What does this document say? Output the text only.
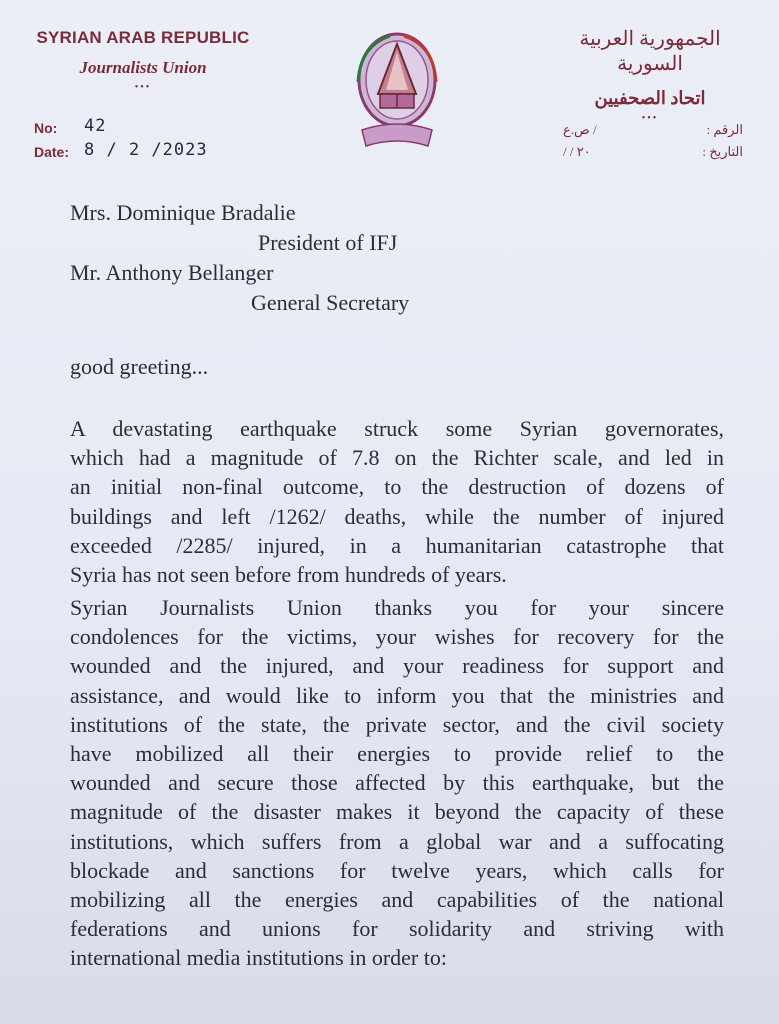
SYRIAN ARAB REPUBLIC
Journalists Union
•••
الجمهورية العربية السورية
اتحاد الصحفيين
•••
No:	42
Date: 8 / 2 /2023
الرقم :
/ ص.ع
التاريخ :
٢٠ / /
Mrs. Dominique Bradalie
President of IFJ
Mr. Anthony Bellanger
General Secretary
good greeting...
A devastating earthquake struck some Syrian governorates,
which had a magnitude of 7.8 on the Richter scale, and led in
an initial non-final outcome, to the destruction of dozens of
buildings and left /1262/ deaths, while the number of injured
exceeded /2285/ injured, in a humanitarian catastrophe that
Syria has not seen before from hundreds of years.
Syrian Journalists Union thanks you for your sincere
condolences for the victims, your wishes for recovery for the
wounded and the injured, and your readiness for support and
assistance, and would like to inform you that the ministries and
institutions of the state, the private sector, and the civil society
have mobilized all their energies to provide relief to the
wounded and secure those affected by this earthquake, but the
magnitude of the disaster makes it beyond the capacity of these
institutions, which suffers from a global war and a suffocating
blockade and sanctions for twelve years, which calls for
mobilizing all the energies and capabilities of the national
federations and unions for solidarity and striving with
international media institutions in order to:
